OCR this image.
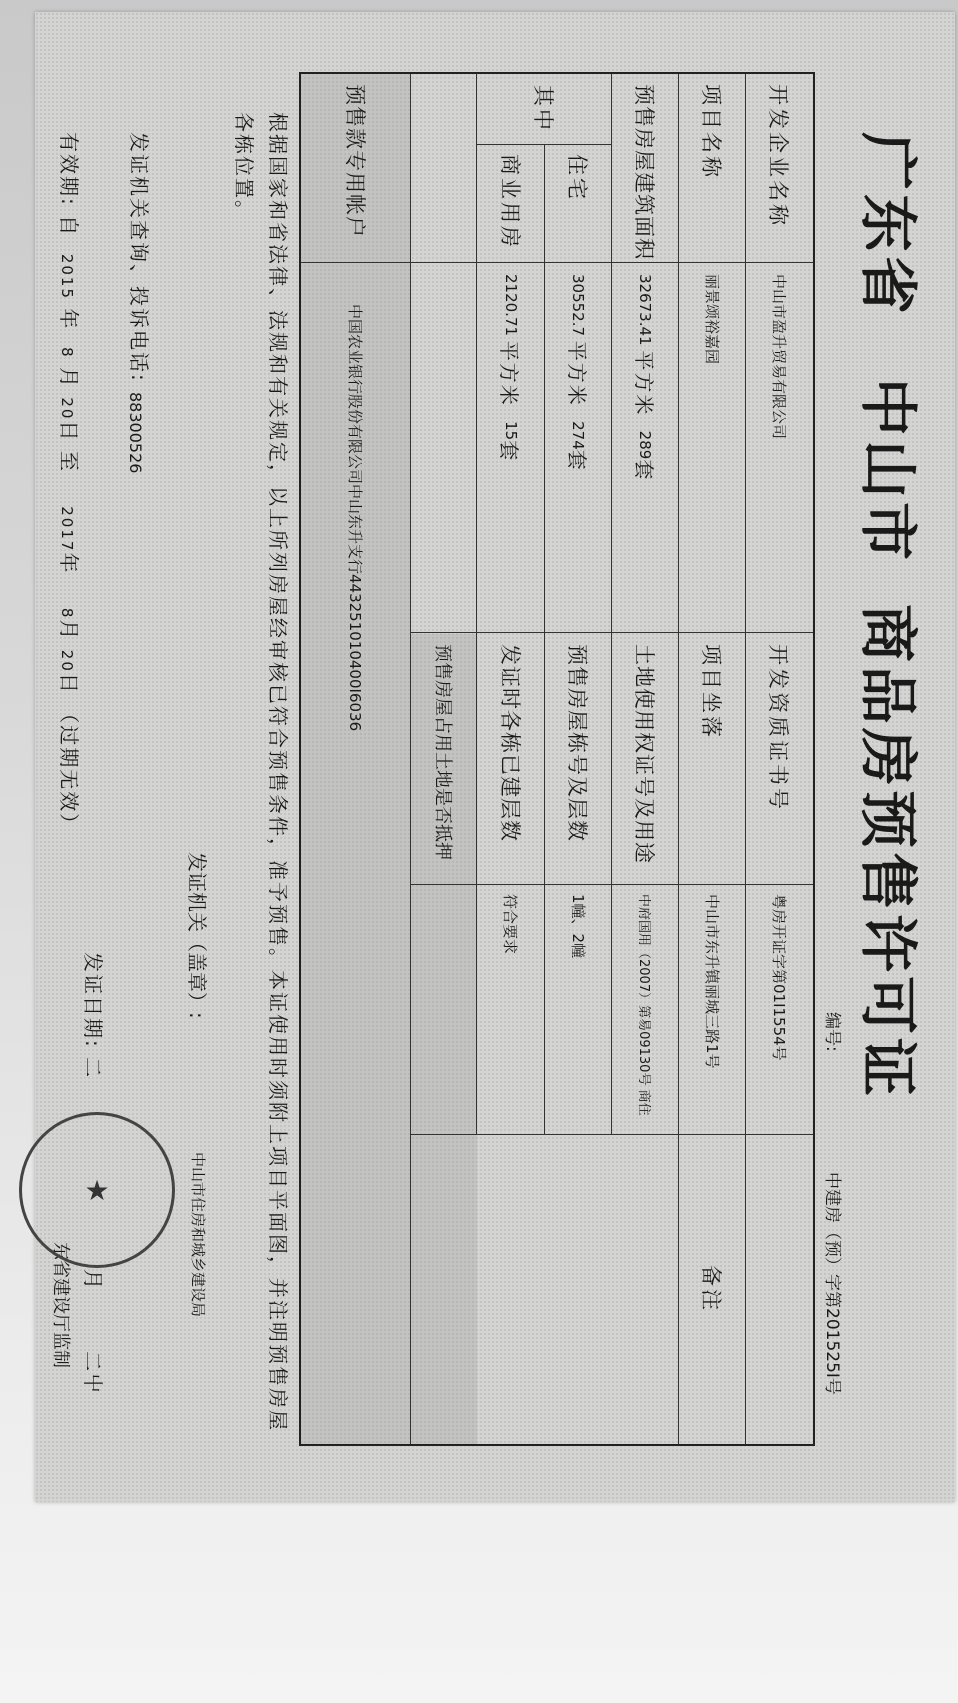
广东省中山市商品房预售许可证
编号:
中建房（预）字第201525I号
开发企业名称
中山市盈升贸易有限公司
开发资质证书号
粤房开证字第01I1554号
备注
项目名称
丽景颂裕嘉园
项目坐落
中山市东升镇丽城三路1号
预售房屋建筑面积
32673.41

平方米

289
套
土地使用权证号及用途
中府国用（2007）第易09130号 商住
其中
住宅
30552.7

平方米

274
套
预售房屋栋号及层数
1幢、2幢
商业用房
2120.71

平方米

15
套
发证时各栋已建层数
符合要求
预售房屋占用土地是否抵押
预售款专用帐户
中国农业银行股份有限公司中山东升支行443251010400I6036
根据国家和省法律、法规和有关规定，以上所列房屋经审核已符合预售条件，准予预售。本证使用时须附上项目平面图，并注明预售房屋各栋位置。
发证机关（盖章）:
中山市住房和城乡建设局
发证机关查询、投诉电话:
88300526
发证日期: 二月二屮
有效期: 自  2015 年  8 月 20日 至    2017年    8月 20日 （过期无效）
东省建设厅监制
★
